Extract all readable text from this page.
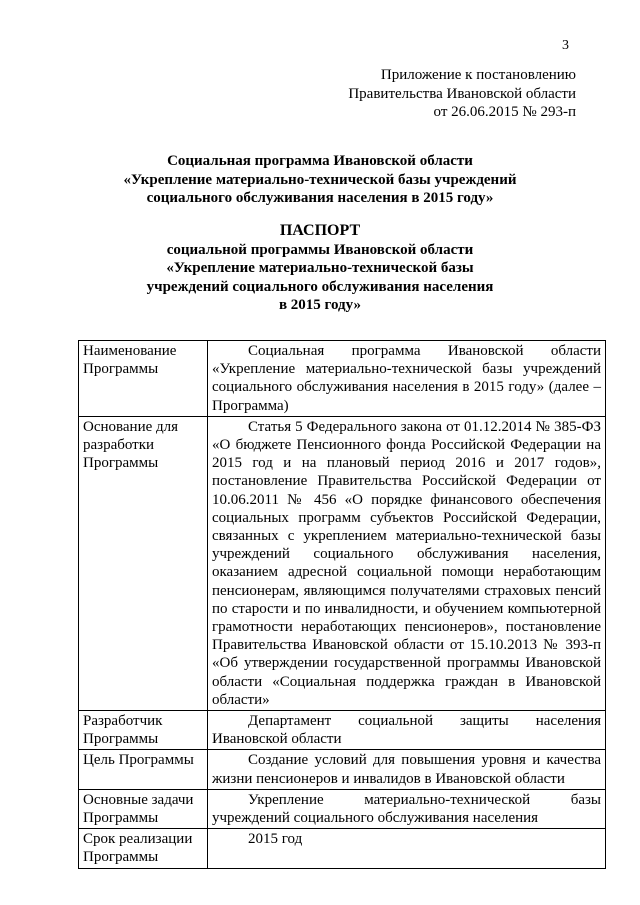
3
Приложение к постановлению
Правительства Ивановской области
от 26.06.2015 № 293-п
Социальная программа Ивановской области
«Укрепление материально-технической базы учреждений
социального обслуживания населения в 2015 году»
ПАСПОРТ
социальной программы Ивановской области
«Укрепление материально-технической базы
учреждений социального обслуживания населения
в 2015 году»
Наименование Программы	Социальная программа Ивановской области «Укрепление материально-технической базы учреждений социального обслуживания населения в 2015 году» (далее – Программа)
Основание для разработки Программы	Статья 5 Федерального закона от 01.12.2014 № 385-ФЗ «О бюджете Пенсионного фонда Российской Федерации на 2015 год и на плановый период 2016 и 2017 годов», постановление Правительства Российской Федерации от 10.06.2011 № 456 «О порядке финансового обеспечения социальных программ субъектов Российской Федерации, связанных с укреплением материально-технической базы учреждений социального обслуживания населения, оказанием адресной социальной помощи неработающим пенсионерам, являющимся получателями страховых пенсий по старости и по инвалидности, и обучением компьютерной грамотности неработающих пенсионеров», постановление Правительства Ивановской области от 15.10.2013 № 393-п «Об утверждении государственной программы Ивановской области «Социальная поддержка граждан в Ивановской области»
Разработчик Программы	Департамент социальной защиты населения Ивановской области
Цель Программы	Создание условий для повышения уровня и качества жизни пенсионеров и инвалидов в Ивановской области
Основные задачи Программы	Укрепление материально-технической базы учреждений социального обслуживания населения
Срок реализации Программы	2015 год
